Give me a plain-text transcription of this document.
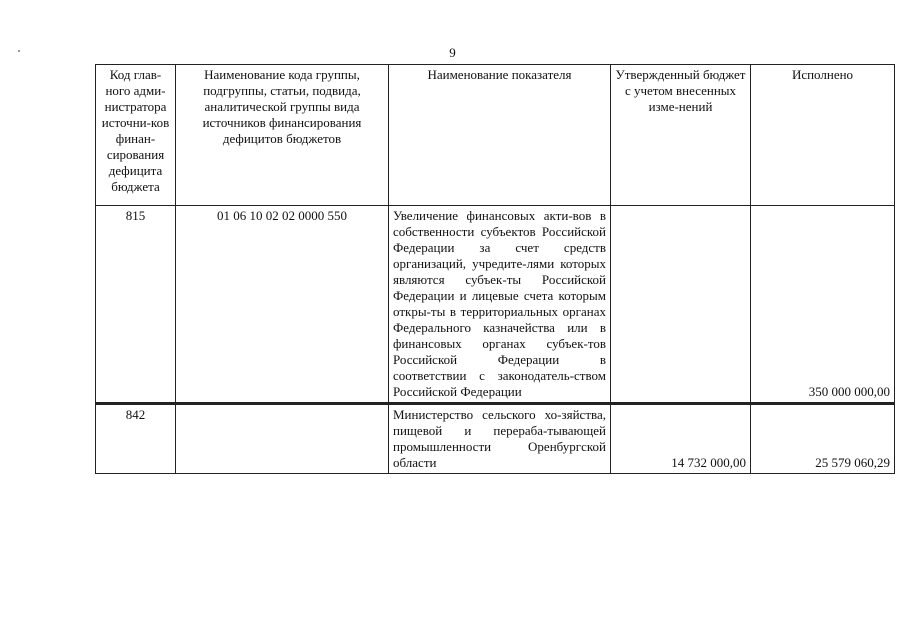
9
Код глав-ного адми-нистратора источни-ков финан-сирования дефицита бюджета	Наименование кода группы, подгруппы, статьи, подвида, аналитической группы вида источников финансирования дефицитов бюджетов	Наименование показателя	Утвержденный бюджет с учетом внесенных изме-нений	Исполнено
815	01 06 10 02 02 0000 550	Увеличение финансовых акти-вов в собственности субъектов Российской Федерации за счет средств организаций, учредите-лями которых являются субъек-ты Российской Федерации и лицевые счета которым откры-ты в территориальных органах Федерального казначейства или в финансовых органах субъек-тов Российской Федерации в соответствии с законодатель-ством Российской Федерации		350 000 000,00
842		Министерство сельского хо-зяйства, пищевой и перераба-тывающей промышленности Оренбургской области	14 732 000,00	25 579 060,29
